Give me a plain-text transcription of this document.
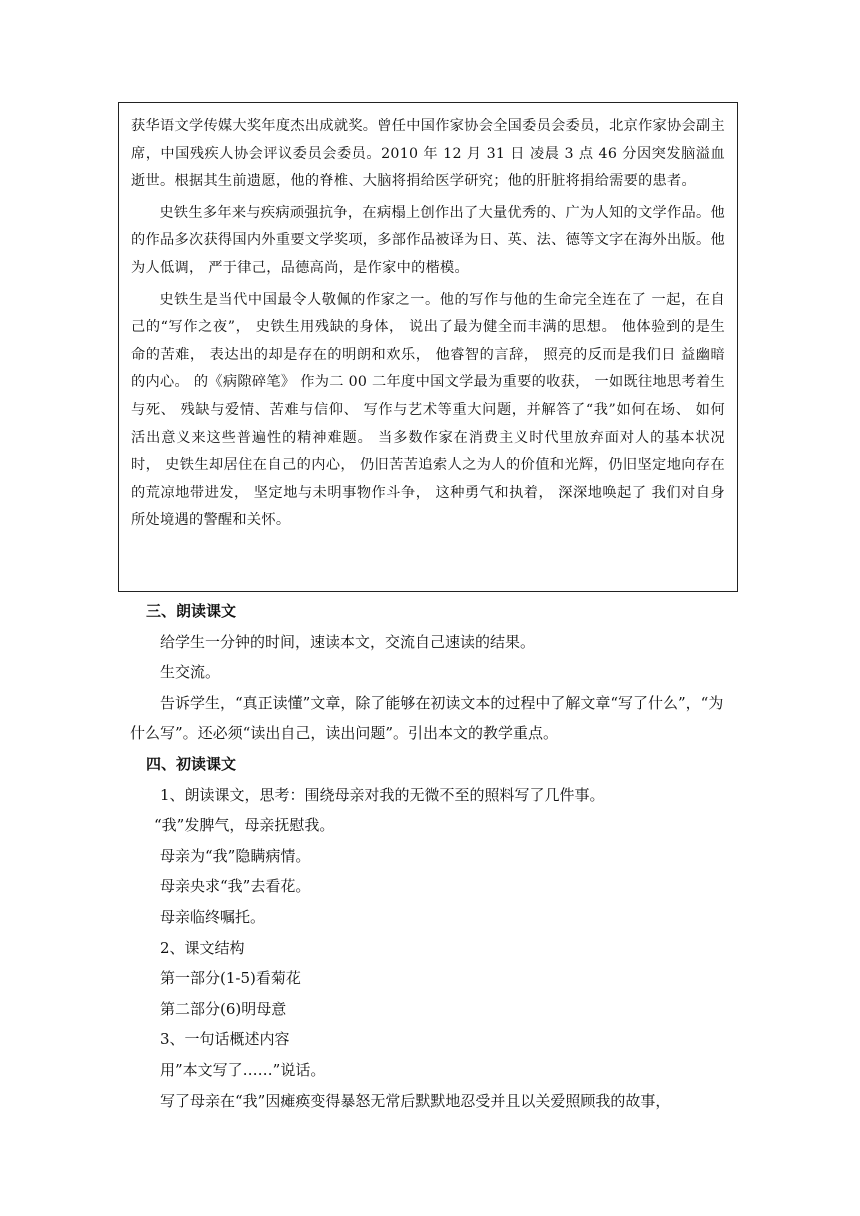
获华语文学传媒大奖年度杰出成就奖。曾任中国作家协会全国委员会委员，北京作家协会副主席，中国残疾人协会评议委员会委员。2010 年 12 月 31 日 凌晨 3 点 46 分因突发脑溢血逝世。根据其生前遗愿，他的脊椎、大脑将捐给医学研究；他的肝脏将捐给需要的患者。

史铁生多年来与疾病顽强抗争，在病榻上创作出了大量优秀的、广为人知的文学作品。他的作品多次获得国内外重要文学奖项，多部作品被译为日、英、法、德等文字在海外出版。他为人低调， 严于律己，品德高尚，是作家中的楷模。

史铁生是当代中国最令人敬佩的作家之一。他的写作与他的生命完全连在了 一起，在自己的“写作之夜”， 史铁生用残缺的身体， 说出了最为健全而丰满的思想。 他体验到的是生命的苦难， 表达出的却是存在的明朗和欢乐， 他睿智的言辞， 照亮的反而是我们日 益幽暗的内心。 的《病隙碎笔》 作为二 00 二年度中国文学最为重要的收获， 一如既往地思考着生与死、 残缺与爱情、苦难与信仰、 写作与艺术等重大问题，并解答了“我”如何在场、 如何活出意义来这些普遍性的精神难题。 当多数作家在消费主义时代里放弃面对人的基本状况时， 史铁生却居住在自己的内心， 仍旧苦苦追索人之为人的价值和光辉，仍旧坚定地向存在的荒凉地带进发， 坚定地与未明事物作斗争， 这种勇气和执着， 深深地唤起了 我们对自身所处境遇的警醒和关怀。

三、朗读课文

给学生一分钟的时间，速读本文，交流自己速读的结果。

生交流。

告诉学生，“真正读懂”文章，除了能够在初读文本的过程中了解文章“写了什么”，“为什么写”。还必须“读出自己，读出问题”。引出本文的教学重点。

四、初读课文

1、朗读课文，思考：围绕母亲对我的无微不至的照料写了几件事。

“我”发脾气，母亲抚慰我。

母亲为“我”隐瞒病情。

母亲央求“我”去看花。

母亲临终嘱托。

2、课文结构

第一部分(1-5)看菊花

第二部分(6)明母意

3、一句话概述内容

用”本文写了……”说话。

写了母亲在“我”因瘫痪变得暴怒无常后默默地忍受并且以关爱照顾我的故事，
